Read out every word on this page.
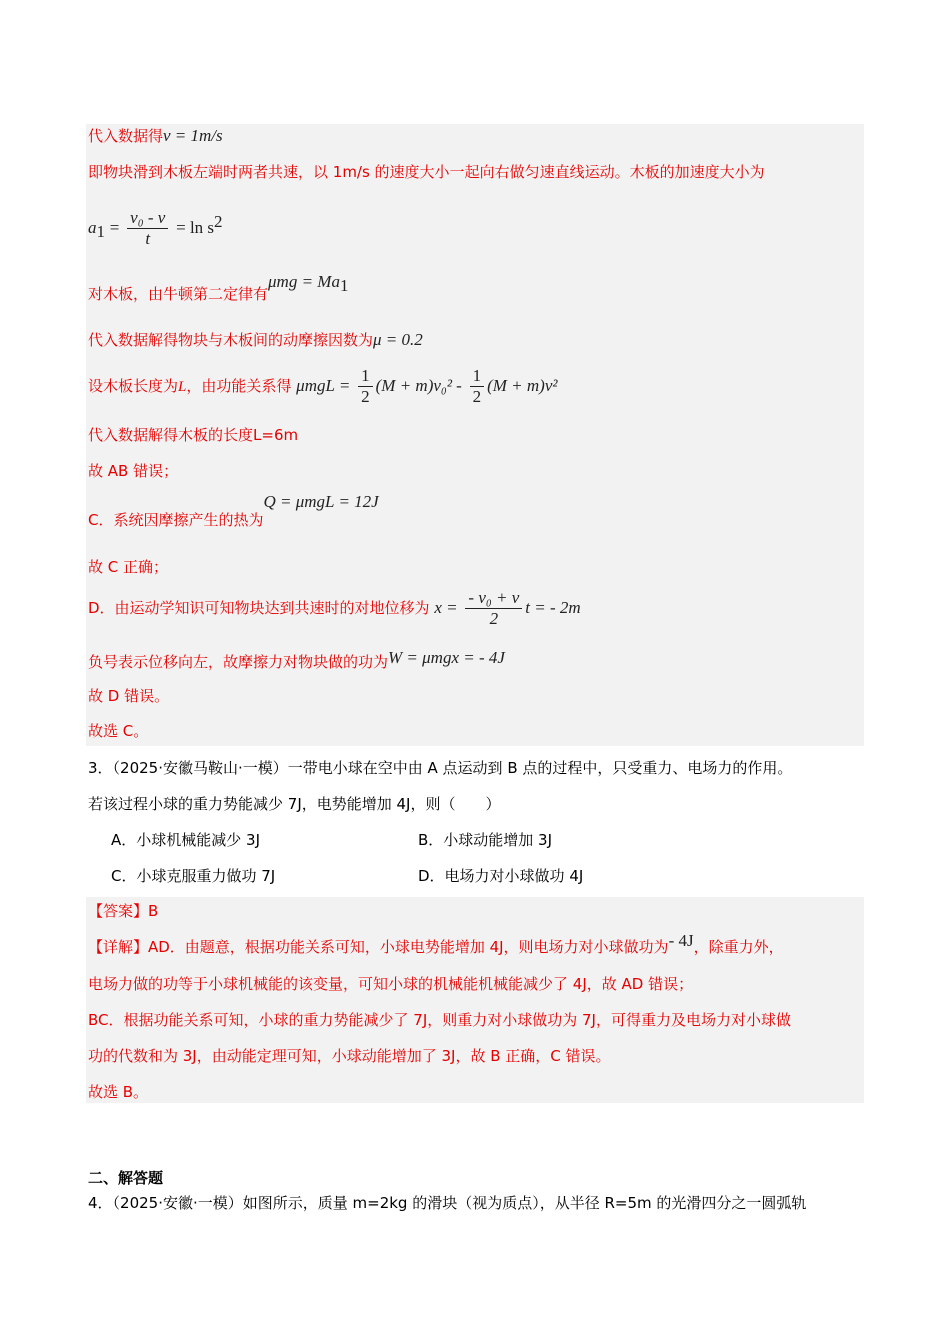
代入数据得v = 1m/s
即物块滑到木板左端时两者共速，以 1m/s 的速度大小一起向右做匀速直线运动。木板的加速度大小为
$a_1 = \frac{\text{v₀ - v}}{t} = \ln s^2$
对木板，由牛顿第二定律有$\mu mg = Ma_1$
代入数据解得物块与木板间的动摩擦因数为μ = 0.2
设木板长度为L，由功能关系得 $\mu mgL = \frac{1}{2} (M + m)v_0^2 - \frac{1}{2} (M + m)v^2$
代入数据解得木板的长度L=6m
故 AB 错误；
C．系统因摩擦产生的热为Q = μmgL = 12J
故 C 正确；
D．由运动学知识可知物块达到共速时的对地位移为 $x = \frac{\text{- v₀ + v}}{2}$ t = - 2m
负号表示位移向左，故摩擦力对物块做的功为W = μmgx = - 4J
故 D 错误。
故选 C。
3．（2025·安徽马鞍山·一模）一带电小球在空中由 A 点运动到 B 点的过程中，只受重力、电场力的作用。
若该过程小球的重力势能减少 7J，电势能增加 4J，则（　　）
A．小球机械能减少 3J	B．小球动能增加 3J
C．小球克服重力做功 7J	D．电场力对小球做功 4J
【答案】B
【详解】AD．由题意，根据功能关系可知，小球电势能增加 4J，则电场力对小球做功为- 4J，除重力外，
电场力做的功等于小球机械能的该变量，可知小球的机械能机械能减少了 4J，故 AD 错误；
BC．根据功能关系可知，小球的重力势能减少了 7J，则重力对小球做功为 7J，可得重力及电场力对小球做
功的代数和为 3J，由动能定理可知，小球动能增加了 3J，故 B 正确，C 错误。
故选 B。
二、解答题
4．（2025·安徽·一模）如图所示，质量 m=2kg 的滑块（视为质点），从半径 R=5m 的光滑四分之一圆弧轨
